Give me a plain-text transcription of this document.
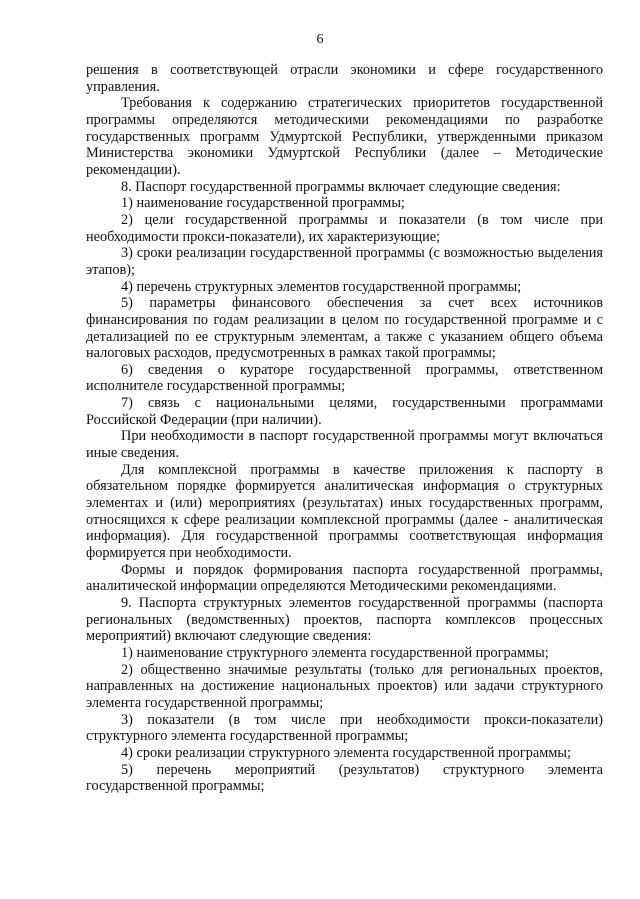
6

решения в соответствующей отрасли экономики и сфере государственного управления.

Требования к содержанию стратегических приоритетов государственной программы определяются методическими рекомендациями по разработке государственных программ Удмуртской Республики, утвержденными приказом Министерства экономики Удмуртской Республики (далее – Методические рекомендации).

8. Паспорт государственной программы включает следующие сведения:

1) наименование государственной программы;

2) цели государственной программы и показатели (в том числе при необходимости прокси-показатели), их характеризующие;

3) сроки реализации государственной программы (с возможностью выделения этапов);

4) перечень структурных элементов государственной программы;

5) параметры финансового обеспечения за счет всех источников финансирования по годам реализации в целом по государственной программе и с детализацией по ее структурным элементам, а также с указанием общего объема налоговых расходов, предусмотренных в рамках такой программы;

6) сведения о кураторе государственной программы, ответственном исполнителе государственной программы;

7) связь с национальными целями, государственными программами Российской Федерации (при наличии).

При необходимости в паспорт государственной программы могут включаться иные сведения.

Для комплексной программы в качестве приложения к паспорту в обязательном порядке формируется аналитическая информация о структурных элементах и (или) мероприятиях (результатах) иных государственных программ, относящихся к сфере реализации комплексной программы (далее - аналитическая информация). Для государственной программы соответствующая информация формируется при необходимости.

Формы и порядок формирования паспорта государственной программы, аналитической информации определяются Методическими рекомендациями.

9. Паспорта структурных элементов государственной программы (паспорта региональных (ведомственных) проектов, паспорта комплексов процессных мероприятий) включают следующие сведения:

1) наименование структурного элемента государственной программы;

2) общественно значимые результаты (только для региональных проектов, направленных на достижение национальных проектов) или задачи структурного элемента государственной программы;

3) показатели (в том числе при необходимости прокси-показатели) структурного элемента государственной программы;

4) сроки реализации структурного элемента государственной программы;

5) перечень мероприятий (результатов) структурного элемента государственной программы;
